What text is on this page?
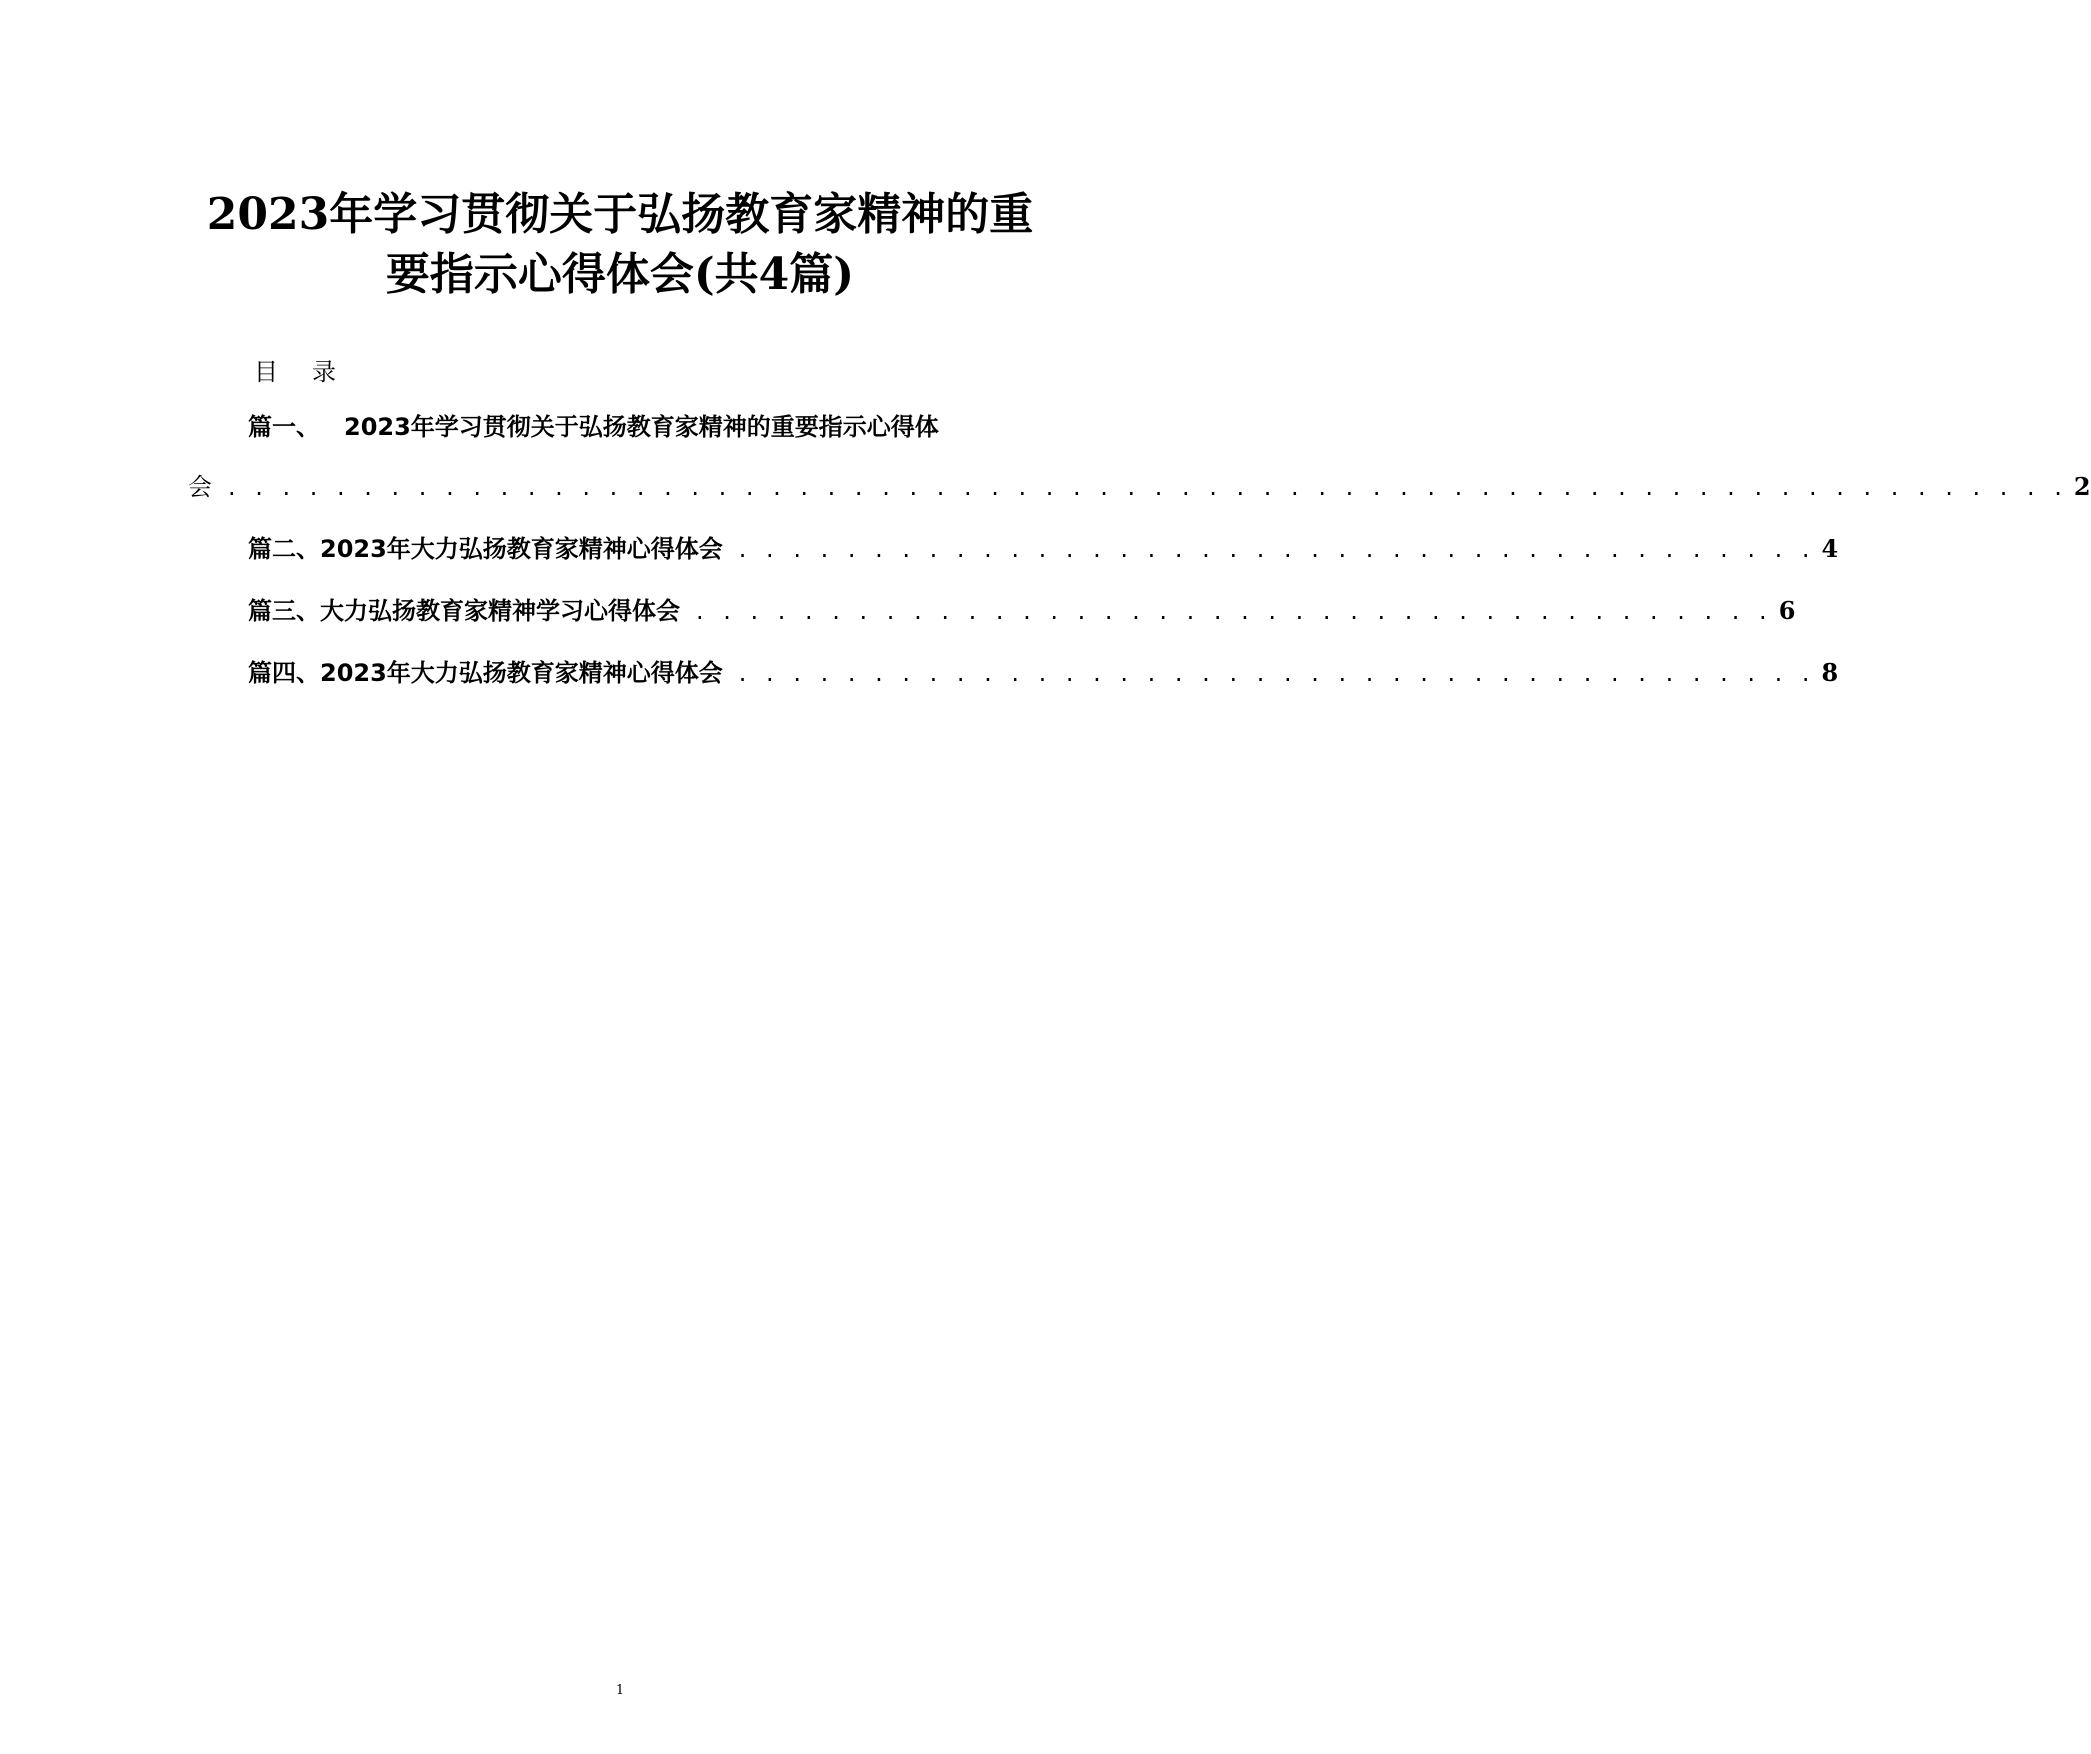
2023年学习贯彻关于弘扬教育家精神的重
要指示心得体会(共4篇)
目录
篇一、 2023年学习贯彻关于弘扬教育家精神的重要指示心得体
会 . . . . . . . . . . . . . . . . . . . . . . . . . . . . . . . . . . . . . . . . . . . . . . . . . . . . . . . . . . . . . . . . . . . . 2
篇二、 2023年大力弘扬教育家精神心得体会 . . . . . . . . . . . . . . . . . . . . . . . . . . . . . . . . . . . . . . . . 4
篇三、 大力弘扬教育家精神学习心得体会 . . . . . . . . . . . . . . . . . . . . . . . . . . . . . . . . . . . . . . . . 6
篇四、 2023年大力弘扬教育家精神心得体会 . . . . . . . . . . . . . . . . . . . . . . . . . . . . . . . . . . . . . . . . 8
1
